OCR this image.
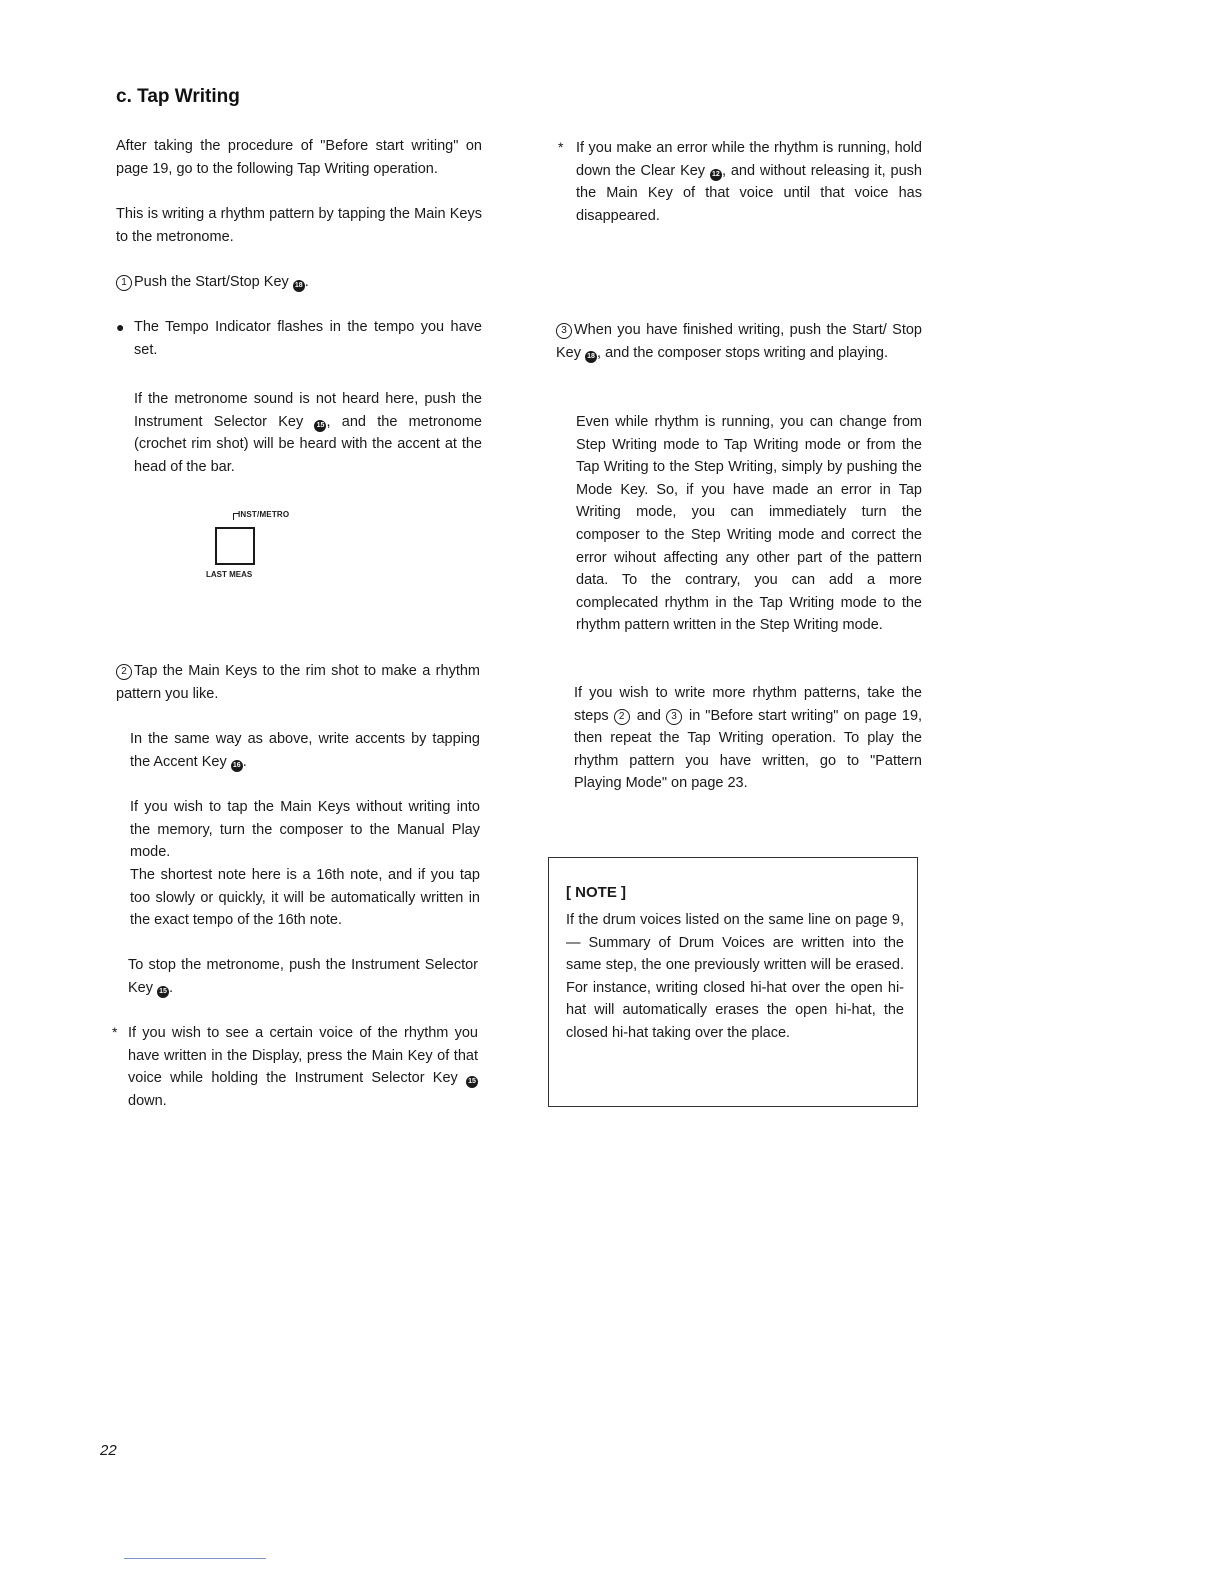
c. Tap Writing

After taking the procedure of "Before start writing" on page 19, go to the following Tap Writing operation.

This is writing a rhythm pattern by tapping the Main Keys to the metronome.

1 Push the Start/Stop Key 18 .

● The Tempo Indicator flashes in the tempo you have set.

If the metronome sound is not heard here, push the Instrument Selector Key 15 , and the metronome (crochet rim shot) will be heard with the accent at the head of the bar.

INST/METRO
LAST MEAS

2 Tap the Main Keys to the rim shot to make a rhythm pattern you like.

In the same way as above, write accents by tapping the Accent Key 16 .

If you wish to tap the Main Keys without writing into the memory, turn the composer to the Manual Play mode.

The shortest note here is a 16th note, and if you tap too slowly or quickly, it will be automatically written in the exact tempo of the 16th note.

To stop the metronome, push the Instrument Selector Key 15 .

* If you wish to see a certain voice of the rhythm you have written in the Display, press the Main Key of that voice while holding the Instrument Selector Key 15 down.

* If you make an error while the rhythm is running, hold down the Clear Key 12 , and without releasing it, push the Main Key of that voice until that voice has disappeared.

3 When you have finished writing, push the Start/ Stop Key 18 , and the composer stops writing and playing.

Even while rhythm is running, you can change from Step Writing mode to Tap Writing mode or from the Tap Writing to the Step Writing, simply by pushing the Mode Key. So, if you have made an error in Tap Writing mode, you can immediately turn the composer to the Step Writing mode and correct the error wihout affecting any other part of the pattern data. To the contrary, you can add a more complecated rhythm in the Tap Writing mode to the rhythm pattern written in the Step Writing mode.

If you wish to write more rhythm patterns, take the steps 2 and 3 in "Before start writing" on page 19, then repeat the Tap Writing operation. To play the rhythm pattern you have written, go to "Pattern Playing Mode" on page 23.

[ NOTE ]

If the drum voices listed on the same line on page 9, — Summary of Drum Voices are written into the same step, the one previously written will be erased. For instance, writing closed hi-hat over the open hi-hat will automatically erases the open hi-hat, the closed hi-hat taking over the place.

22
